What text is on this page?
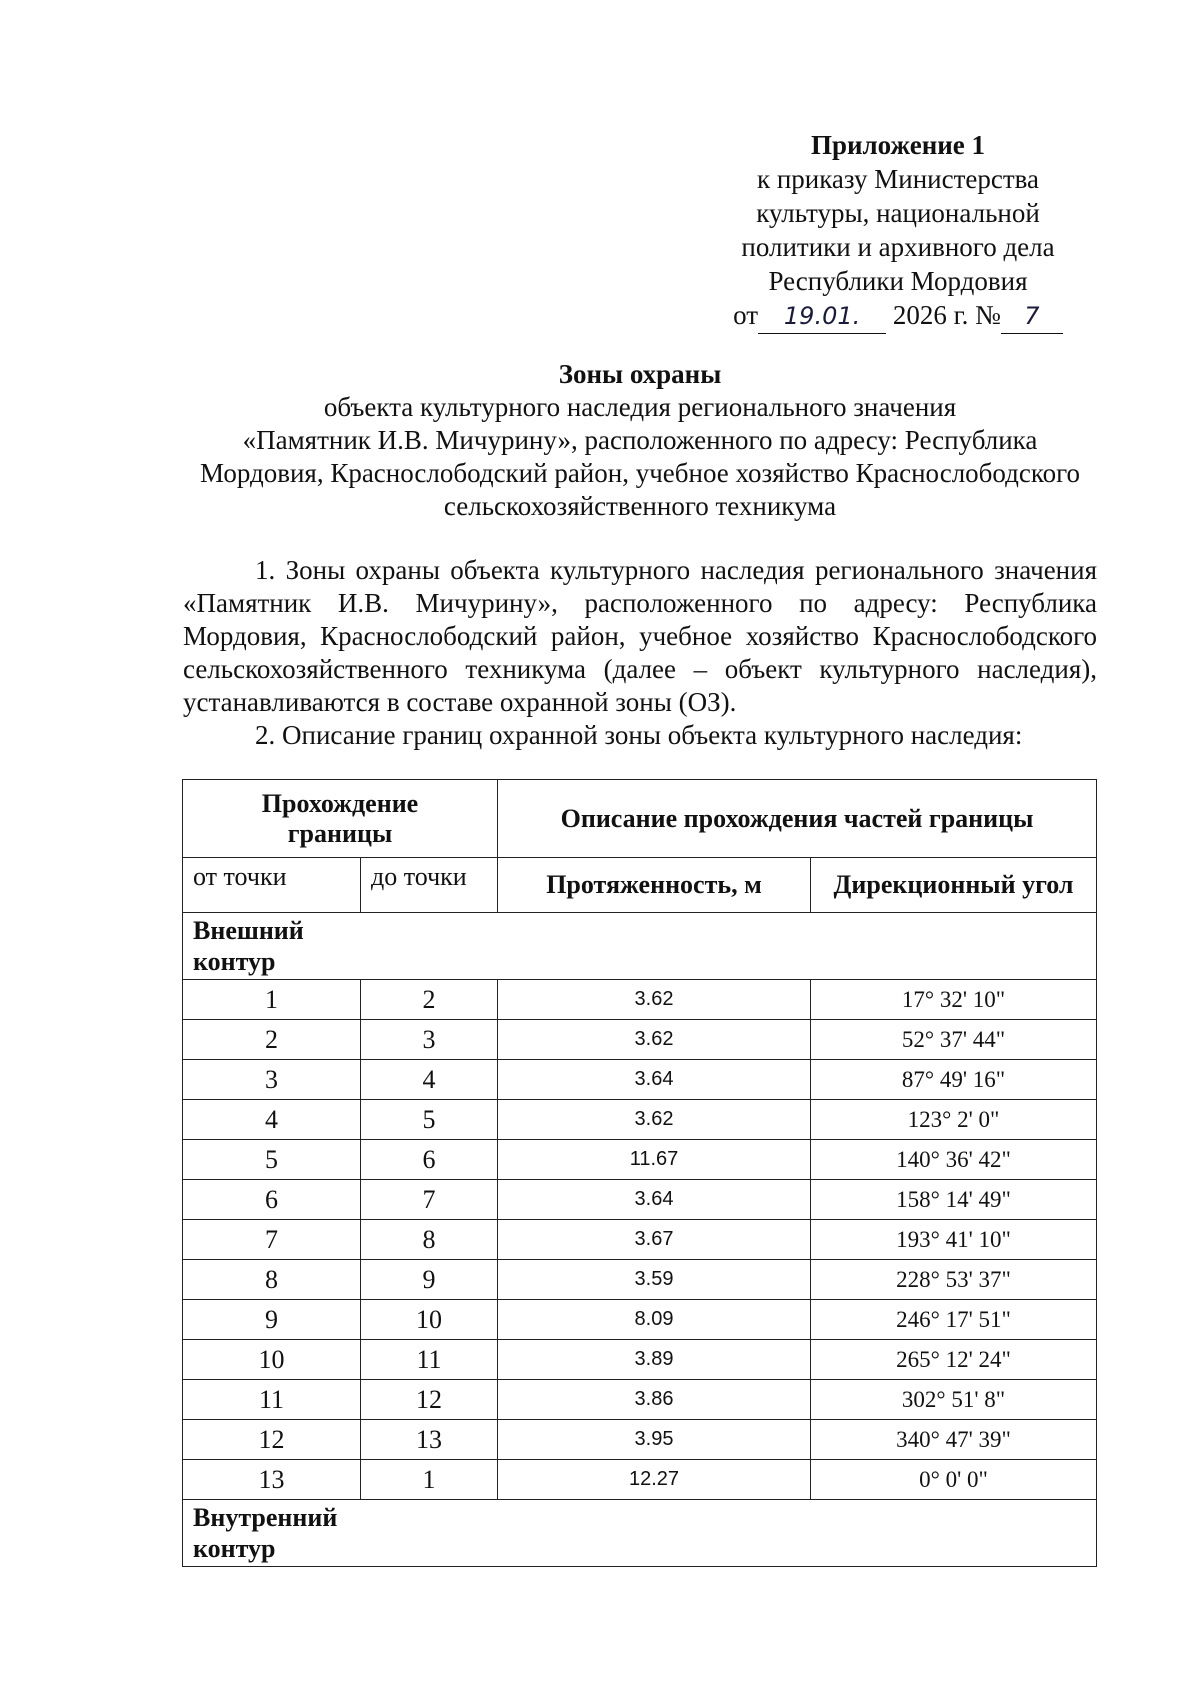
Приложение 1
к приказу Министерства
культуры, национальной
политики и архивного дела
Республики Мордовия
от 19.01. 2026 г. № 7
Зоны охраны
объекта культурного наследия регионального значения
«Памятник И.В. Мичурину», расположенного по адресу: Республика
Мордовия, Краснослободский район, учебное хозяйство Краснослободского
сельскохозяйственного техникума

1. Зоны охраны объекта культурного наследия регионального значения «Памятник И.В. Мичурину», расположенного по адресу: Республика Мордовия, Краснослободский район, учебное хозяйство Краснослободского сельскохозяйственного техникума (далее – объект культурного наследия), устанавливаются в составе охранной зоны (ОЗ).

2. Описание границ охранной зоны объекта культурного наследия:

Прохождение границы		Описание прохождения частей границы	
от точки	до точки	Протяженность, м	Дирекционный угол
Внешний контур			
1	2	3.62	17° 32' 10"
2	3	3.62	52° 37' 44"
3	4	3.64	87° 49' 16"
4	5	3.62	123° 2' 0"
5	6	11.67	140° 36' 42"
6	7	3.64	158° 14' 49"
7	8	3.67	193° 41' 10"
8	9	3.59	228° 53' 37"
9	10	8.09	246° 17' 51"
10	11	3.89	265° 12' 24"
11	12	3.86	302° 51' 8"
12	13	3.95	340° 47' 39"
13	1	12.27	0° 0' 0"
Внутренний контур			
